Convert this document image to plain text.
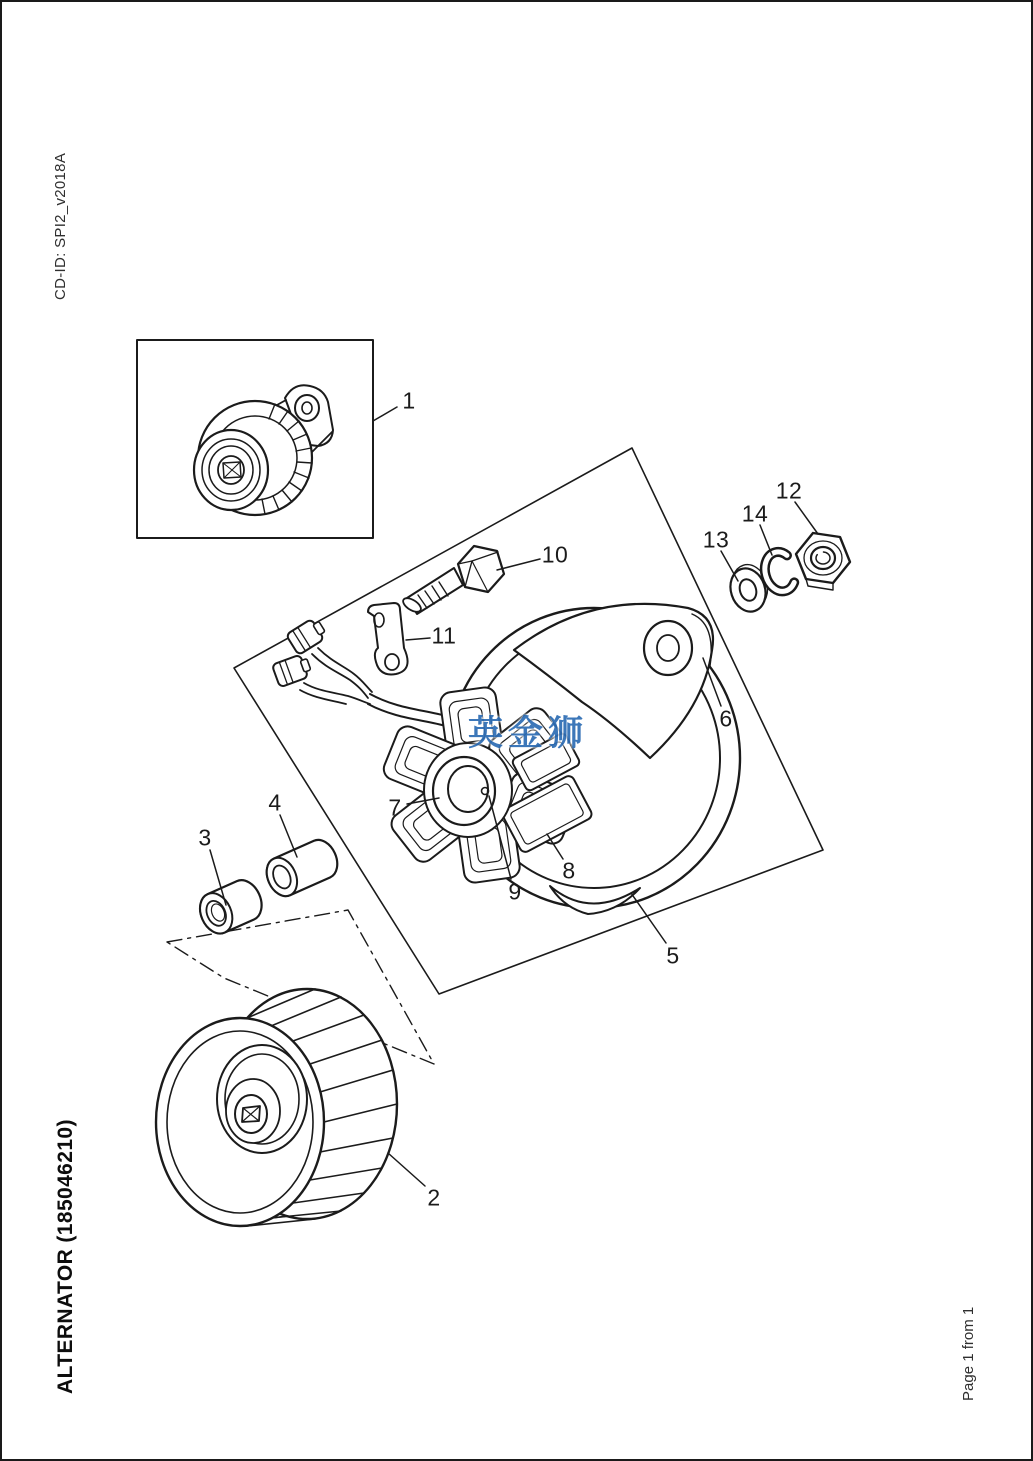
1
2
3
4
5
6
7
8
9
10
11
12
13
14
CD-ID: SPI2_v2018A
ALTERNATOR (185046210)	Page 1 from 1
英金狮
